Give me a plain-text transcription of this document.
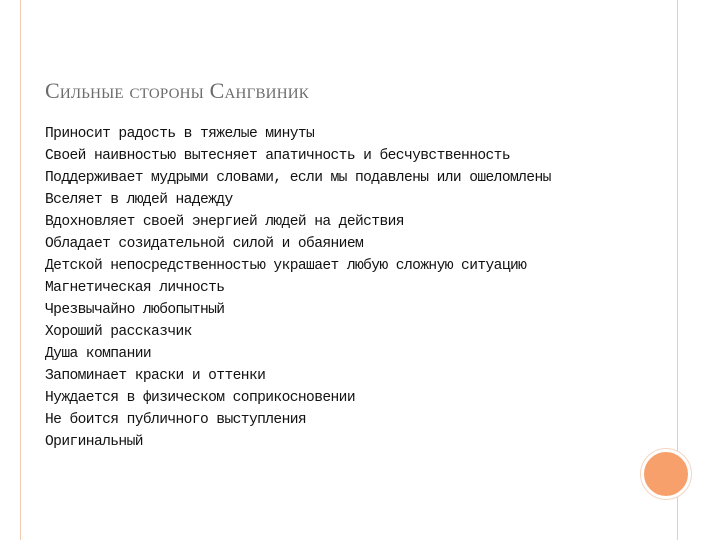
Сильные стороны Сангвиник
Приносит радость в тяжелые минуты
Своей наивностью вытесняет апатичность и бесчувственность
Поддерживает мудрыми словами, если мы подавлены или ошеломлены
Вселяет в людей надежду
Вдохновляет своей энергией людей на действия
Обладает созидательной силой и обаянием
Детской непосредственностью украшает любую сложную ситуацию
Магнетическая личность
Чрезвычайно любопытный
Хороший рассказчик
Душа компании
Запоминает краски и оттенки
Нуждается в физическом соприкосновении
Не боится публичного выступления
Оригинальный
